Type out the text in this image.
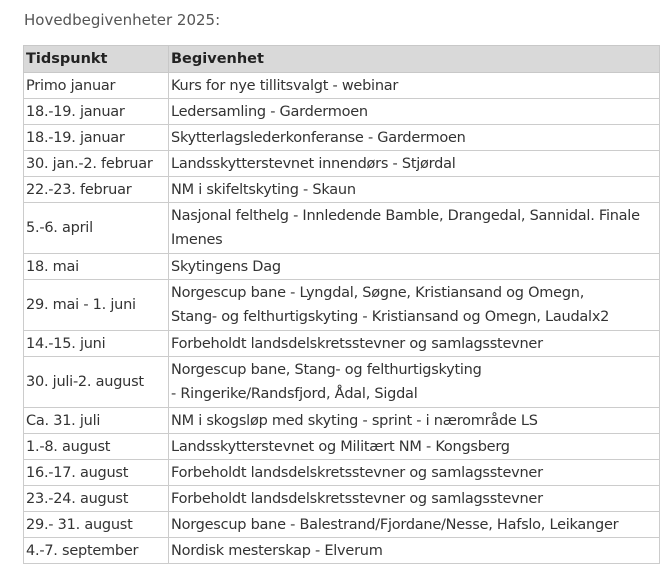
Hovedbegivenheter 2025:
Tidspunkt	Begivenhet
Primo januar	Kurs for nye tillitsvalgt - webinar

18.-19. januar	Ledersamling - Gardermoen

18.-19. januar	Skytterlagslederkonferanse - Gardermoen

30. jan.-2. februar	Landsskytterstevnet innendørs - Stjørdal

22.-23. februar	NM i skifeltskyting - Skaun

5.-6. april	Nasjonal felthelg - Innledende Bamble, Drangedal, Sannidal. Finale
Imenes

18. mai	Skytingens Dag

29. mai - 1. juni	Norgescup bane - Lyngdal, Søgne, Kristiansand og Omegn,
Stang- og felthurtigskyting - Kristiansand og Omegn, Laudalx2

14.-15. juni	Forbeholdt landsdelskretsstevner og samlagsstevner

30. juli-2. august	Norgescup bane, Stang- og felthurtigskyting
- Ringerike/Randsfjord, Ådal, Sigdal

Ca. 31. juli	NM i skogsløp med skyting - sprint - i nærområde LS

1.-8. august	Landsskytterstevnet og Militært NM - Kongsberg

16.-17. august	Forbeholdt landsdelskretsstevner og samlagsstevner

23.-24. august	Forbeholdt landsdelskretsstevner og samlagsstevner

29.- 31. august	Norgescup bane - Balestrand/Fjordane/Nesse, Hafslo, Leikanger

4.-7. september	Nordisk mesterskap - Elverum
